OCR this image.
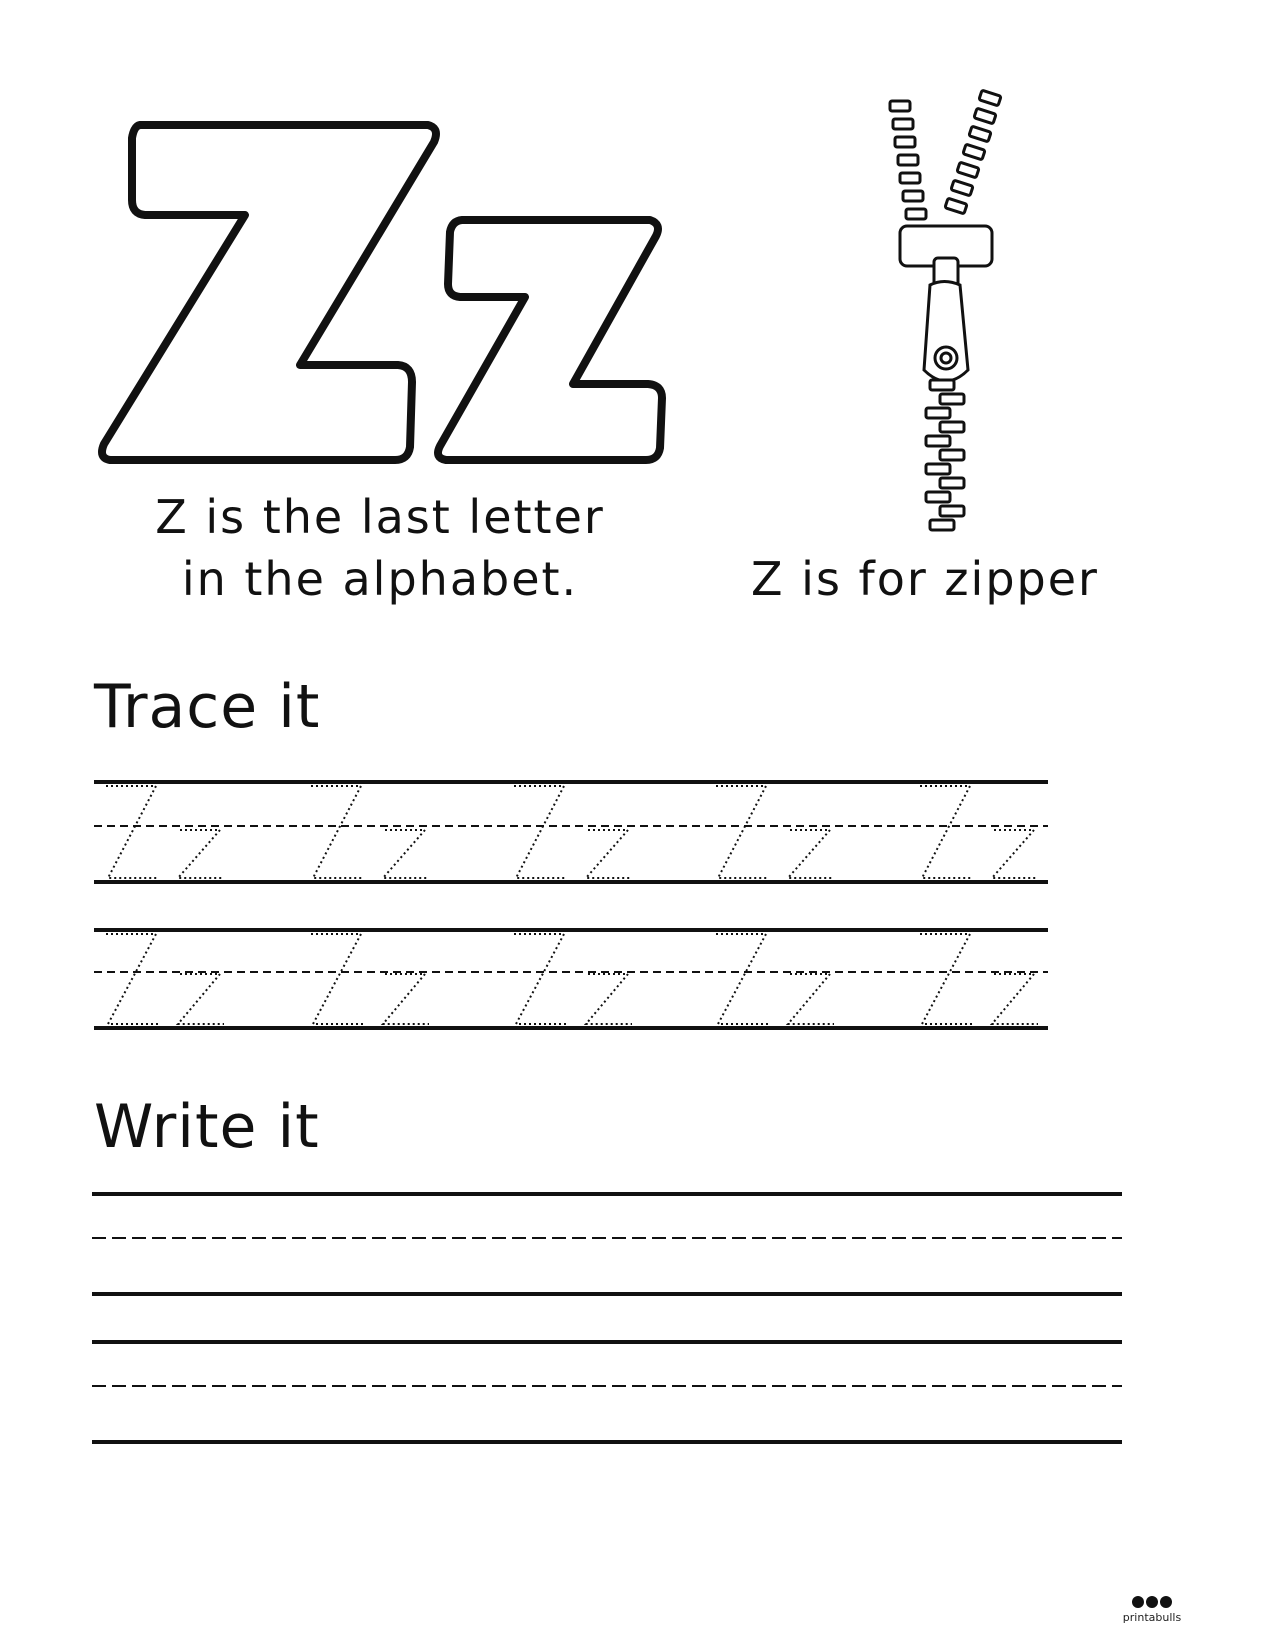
Z is the last letter
in the alphabet.	Z is for zipper
Trace it
Write it
printabulls
